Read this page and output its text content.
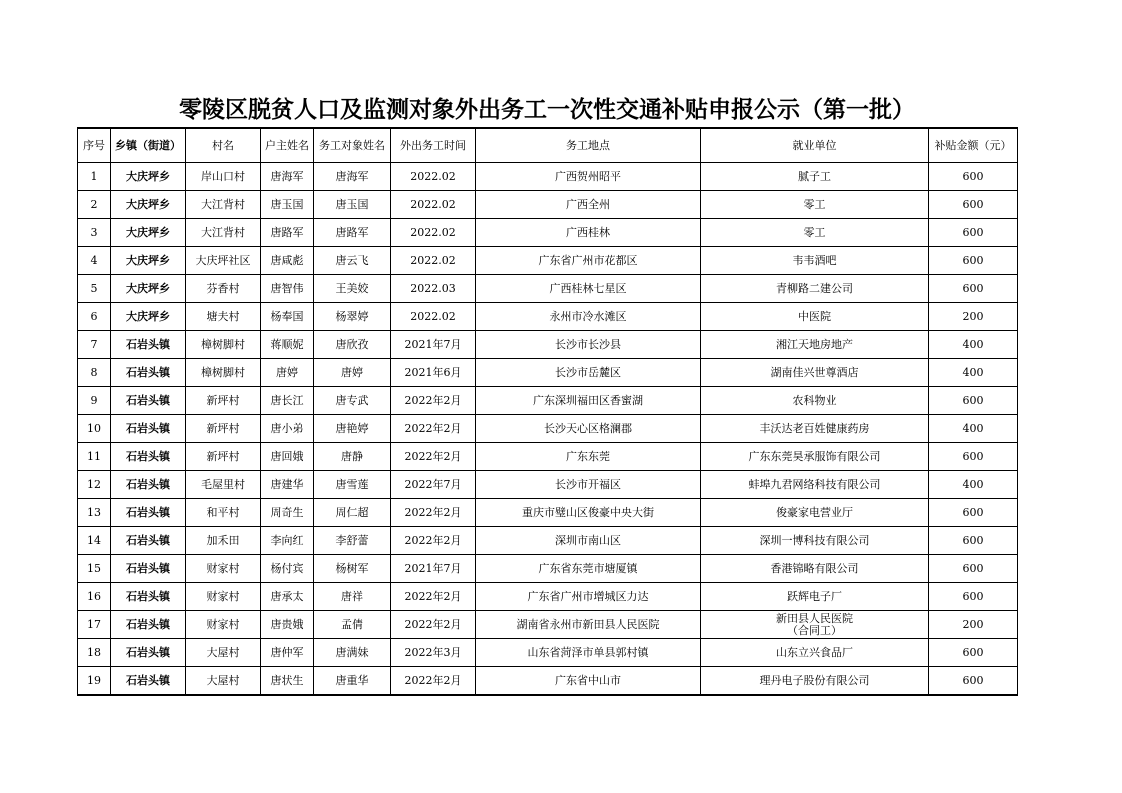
零陵区脱贫人口及监测对象外出务工一次性交通补贴申报公示（第一批）
序号	乡镇（街道）	村名	户主姓名	务工对象姓名	外出务工时间	务工地点	就业单位	补贴金额（元）
1	大庆坪乡	岸山口村	唐海军	唐海军	2022.02	广西贺州昭平	腻子工	600
2	大庆坪乡	大江背村	唐玉国	唐玉国	2022.02	广西全州	零工	600
3	大庆坪乡	大江背村	唐路军	唐路军	2022.02	广西桂林	零工	600
4	大庆坪乡	大庆坪社区	唐咸彪	唐云飞	2022.02	广东省广州市花都区	韦韦酒吧	600
5	大庆坪乡	芬香村	唐智伟	王美姣	2022.03	广西桂林七星区	青柳路二建公司	600
6	大庆坪乡	塘夫村	杨奉国	杨翠婷	2022.02	永州市冷水滩区	中医院	200
7	石岩头镇	樟树脚村	蒋顺妮	唐欣孜	2021年7月	长沙市长沙县	湘江天地房地产	400
8	石岩头镇	樟树脚村	唐婷	唐婷	2021年6月	长沙市岳麓区	湖南佳兴世尊酒店	400
9	石岩头镇	新坪村	唐长江	唐专武	2022年2月	广东深圳福田区香蜜湖	农科物业	600
10	石岩头镇	新坪村	唐小弟	唐艳婷	2022年2月	长沙天心区格澜郡	丰沃达老百姓健康药房	400
11	石岩头镇	新坪村	唐回娥	唐静	2022年2月	广东东莞	广东东莞昊承服饰有限公司	600
12	石岩头镇	毛屋里村	唐建华	唐雪莲	2022年7月	长沙市开福区	蚌埠九君网络科技有限公司	400
13	石岩头镇	和平村	周奇生	周仁超	2022年2月	重庆市璧山区俊豪中央大街	俊豪家电营业厅	600
14	石岩头镇	加禾田	李向红	李舒蕾	2022年2月	深圳市南山区	深圳一博科技有限公司	600
15	石岩头镇	财家村	杨付宾	杨树军	2021年7月	广东省东莞市塘厦镇	香港锦略有限公司	600
16	石岩头镇	财家村	唐承太	唐祥	2022年2月	广东省广州市增城区力达	跃辉电子厂	600
17	石岩头镇	财家村	唐贵娥	孟倩	2022年2月	湖南省永州市新田县人民医院	新田县人民医院
（合同工）	200
18	石岩头镇	大屋村	唐仲军	唐满妹	2022年3月	山东省菏泽市单县郭村镇	山东立兴食品厂	600
19	石岩头镇	大屋村	唐状生	唐重华	2022年2月	广东省中山市	理丹电子股份有限公司	600
